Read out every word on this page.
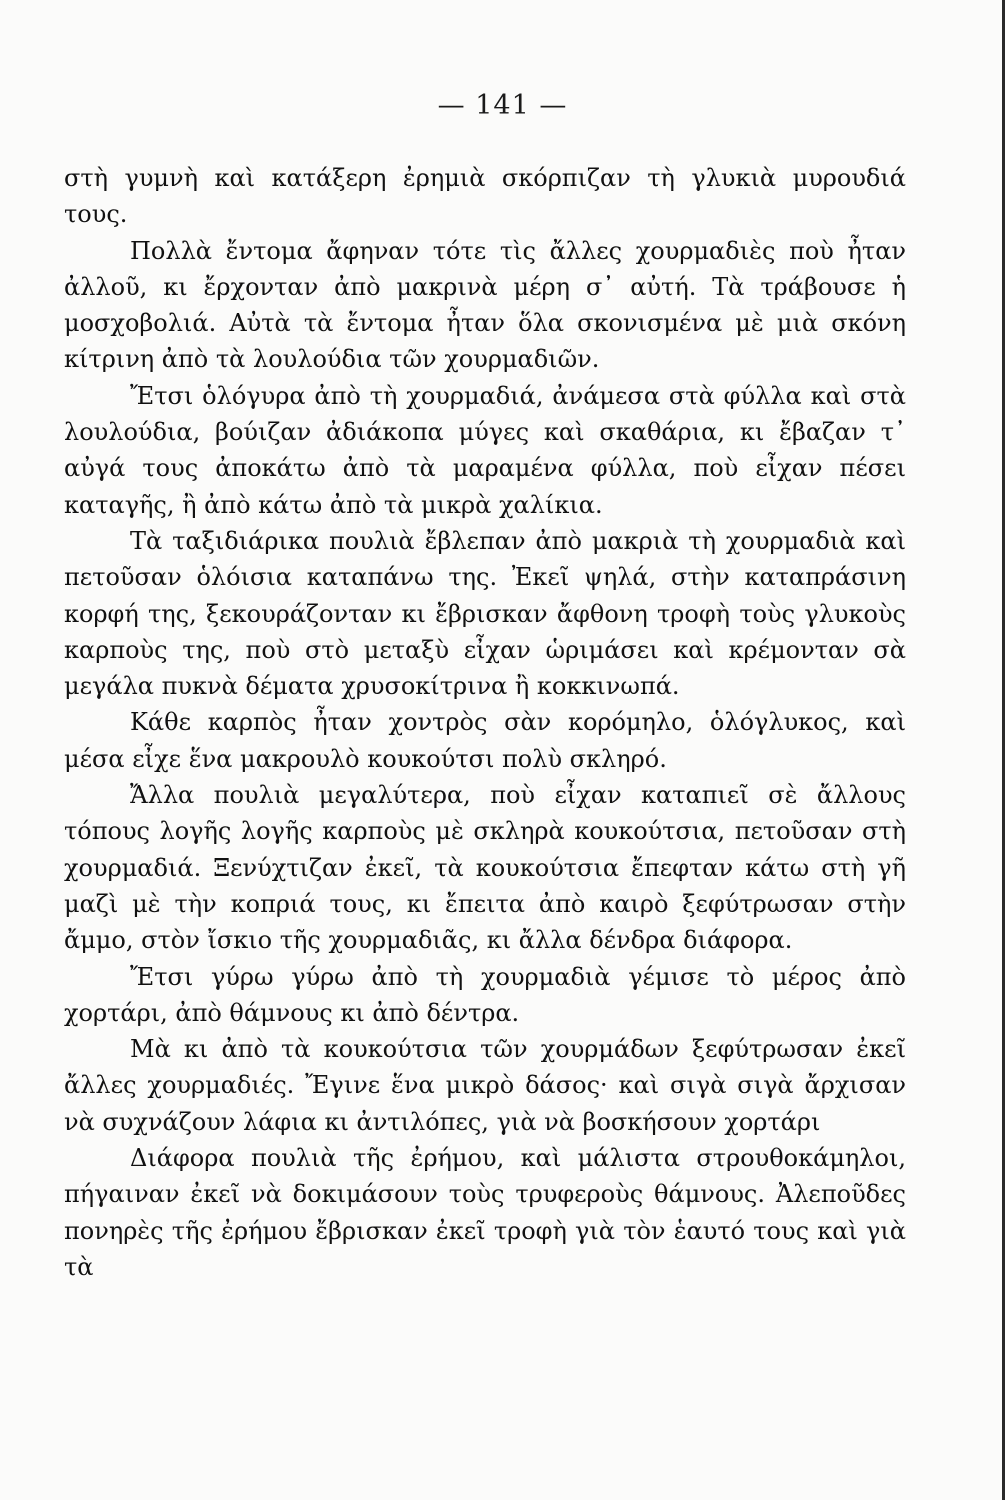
— 141 —

στὴ γυμνὴ καὶ κατάξερη ἐρημιὰ σκόρπιζαν τὴ γλυκιὰ μυρουδιά τους.

Πολλὰ ἔντομα ἄφηναν τότε τὶς ἄλλες χουρμαδιὲς ποὺ ἦταν ἀλλοῦ, κι ἔρχονταν ἀπὸ μακρινὰ μέρη σ᾽ αὐτή. Τὰ τράβουσε ἡ μοσχοβολιά. Αὐτὰ τὰ ἔντομα ἦταν ὅλα σκονισμένα μὲ μιὰ σκόνη κίτρινη ἀπὸ τὰ λουλούδια τῶν χουρμαδιῶν.

Ἔτσι ὁλόγυρα ἀπὸ τὴ χουρμαδιά, ἀνάμεσα στὰ φύλλα καὶ στὰ λουλούδια, βούιζαν ἀδιάκοπα μύγες καὶ σκαθάρια, κι ἔβαζαν τ᾽ αὐγά τους ἀποκάτω ἀπὸ τὰ μαραμένα φύλλα, ποὺ εἶχαν πέσει καταγῆς, ἢ ἀπὸ κάτω ἀπὸ τὰ μικρὰ χαλίκια.

Τὰ ταξιδιάρικα πουλιὰ ἔβλεπαν ἀπὸ μακριὰ τὴ χουρμαδιὰ καὶ πετοῦσαν ὁλόισια καταπάνω της. Ἐκεῖ ψηλά, στὴν καταπράσινη κορφή της, ξεκουράζονταν κι ἔβρισκαν ἄφθονη τροφὴ τοὺς γλυκοὺς καρποὺς της, ποὺ στὸ μεταξὺ εἶχαν ὡριμάσει καὶ κρέμονταν σὰ μεγάλα πυκνὰ δέματα χρυσοκίτρινα ἢ κοκκινωπά.

Κάθε καρπὸς ἦταν χοντρὸς σὰν κορόμηλο, ὁλόγλυκος, καὶ μέσα εἶχε ἕνα μακρουλὸ κουκούτσι πολὺ σκληρό.

Ἄλλα πουλιὰ μεγαλύτερα, ποὺ εἶχαν καταπιεῖ σὲ ἄλλους τόπους λογῆς λογῆς καρποὺς μὲ σκληρὰ κουκούτσια, πετοῦσαν στὴ χουρμαδιά. Ξενύχτιζαν ἐκεῖ, τὰ κουκούτσια ἔπεφταν κάτω στὴ γῆ μαζὶ μὲ τὴν κοπριά τους, κι ἔπειτα ἀπὸ καιρὸ ξεφύτρωσαν στὴν ἄμμο, στὸν ἴσκιο τῆς χουρμαδιᾶς, κι ἄλλα δένδρα διάφορα.

Ἔτσι γύρω γύρω ἀπὸ τὴ χουρμαδιὰ γέμισε τὸ μέρος ἀπὸ χορτάρι, ἀπὸ θάμνους κι ἀπὸ δέντρα.

Μὰ κι ἀπὸ τὰ κουκούτσια τῶν χουρμάδων ξεφύτρωσαν ἐκεῖ ἄλλες χουρμαδιές. Ἔγινε ἕνα μικρὸ δάσος· καὶ σιγὰ σιγὰ ἄρχισαν νὰ συχνάζουν λάφια κι ἀντιλόπες, γιὰ νὰ βοσκήσουν χορτάρι

Διάφορα πουλιὰ τῆς ἐρήμου, καὶ μάλιστα στρουθοκάμηλοι, πήγαιναν ἐκεῖ νὰ δοκιμάσουν τοὺς τρυφεροὺς θάμνους. Ἀλεποῦδες πονηρὲς τῆς ἐρήμου ἔβρισκαν ἐκεῖ τροφὴ γιὰ τὸν ἑαυτό τους καὶ γιὰ τὰ
